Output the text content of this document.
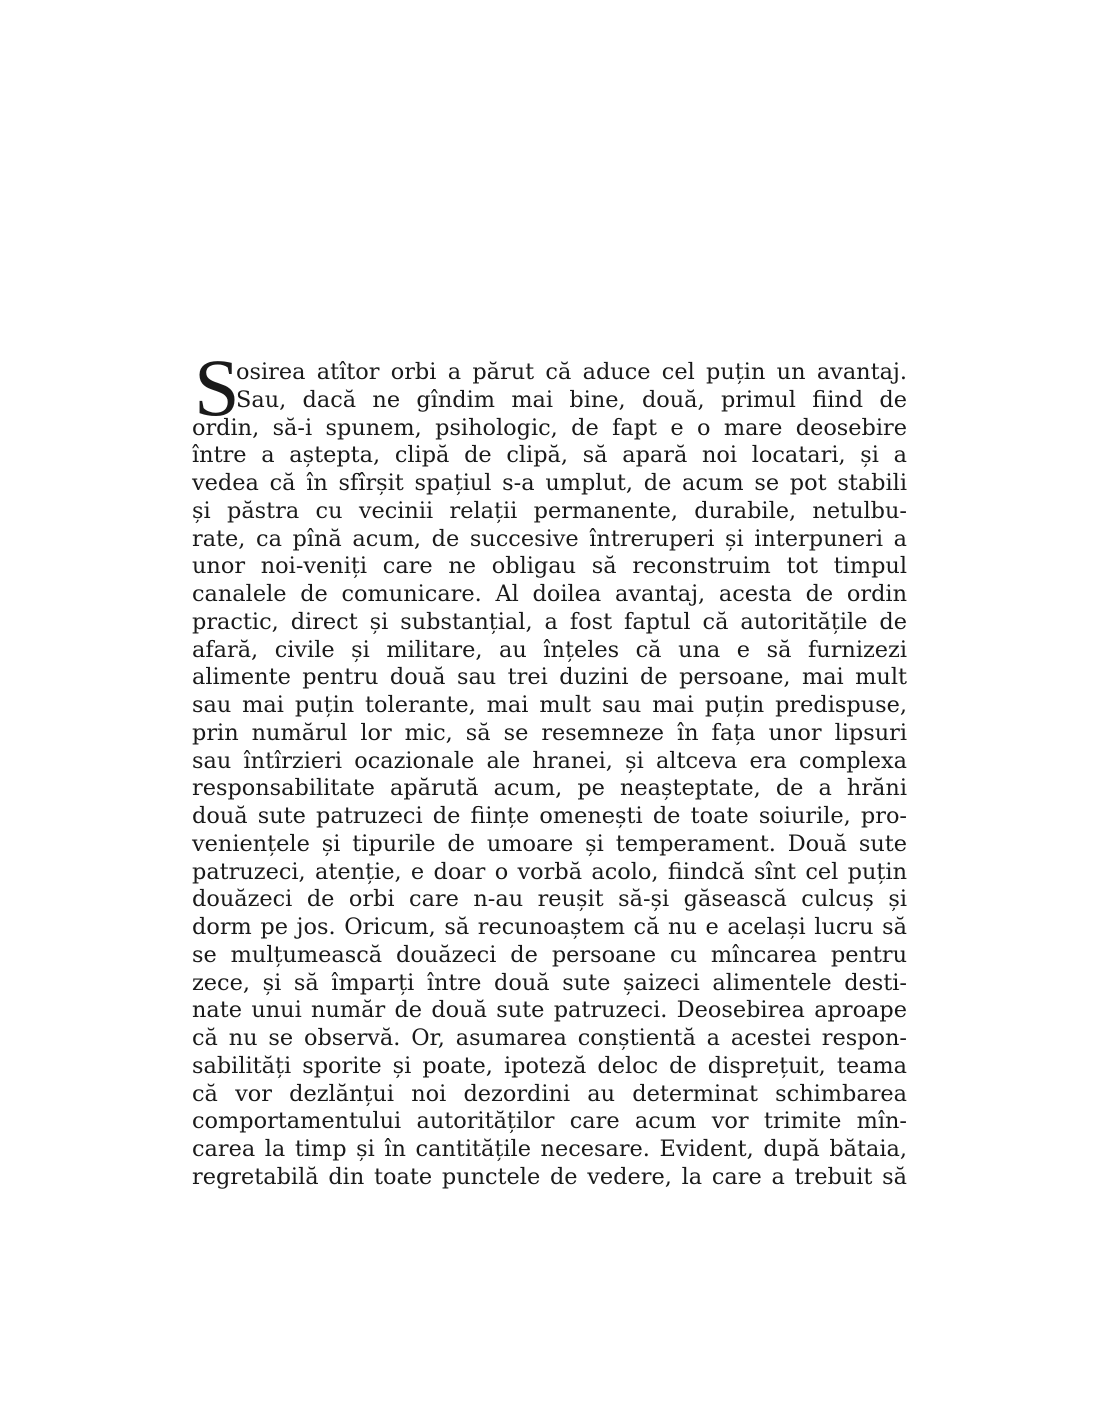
S
osirea atîtor orbi a părut că aduce cel puțin un avantaj.
Sau, dacă ne gîndim mai bine, două, primul fiind de
ordin, să-i spunem, psihologic, de fapt e o mare deosebire
între a aștepta, clipă de clipă, să apară noi locatari, și a
vedea că în sfîrșit spațiul s-a umplut, de acum se pot stabili
și păstra cu vecinii relații permanente, durabile, netulbu-
rate, ca pînă acum, de succesive întreruperi și interpuneri a
unor noi-veniți care ne obligau să reconstruim tot timpul
canalele de comunicare. Al doilea avantaj, acesta de ordin
practic, direct și substanțial, a fost faptul că autoritățile de
afară, civile și militare, au înțeles că una e să furnizezi
alimente pentru două sau trei duzini de persoane, mai mult
sau mai puțin tolerante, mai mult sau mai puțin predispuse,
prin numărul lor mic, să se resemneze în fața unor lipsuri
sau întîrzieri ocazionale ale hranei, și altceva era complexa
responsabilitate apărută acum, pe neașteptate, de a hrăni
două sute patruzeci de ființe omenești de toate soiurile, pro-
veniențele și tipurile de umoare și temperament. Două sute
patruzeci, atenție, e doar o vorbă acolo, fiindcă sînt cel puțin
douăzeci de orbi care n-au reușit să-și găsească culcuș și
dorm pe jos. Oricum, să recunoaștem că nu e același lucru să
se mulțumească douăzeci de persoane cu mîncarea pentru
zece, și să împarți între două sute șaizeci alimentele desti-
nate unui număr de două sute patruzeci. Deosebirea aproape
că nu se observă. Or, asumarea conștientă a acestei respon-
sabilități sporite și poate, ipoteză deloc de disprețuit, teama
că vor dezlănțui noi dezordini au determinat schimbarea
comportamentului autorităților care acum vor trimite mîn-
carea la timp și în cantitățile necesare. Evident, după bătaia,
regretabilă din toate punctele de vedere, la care a trebuit să
